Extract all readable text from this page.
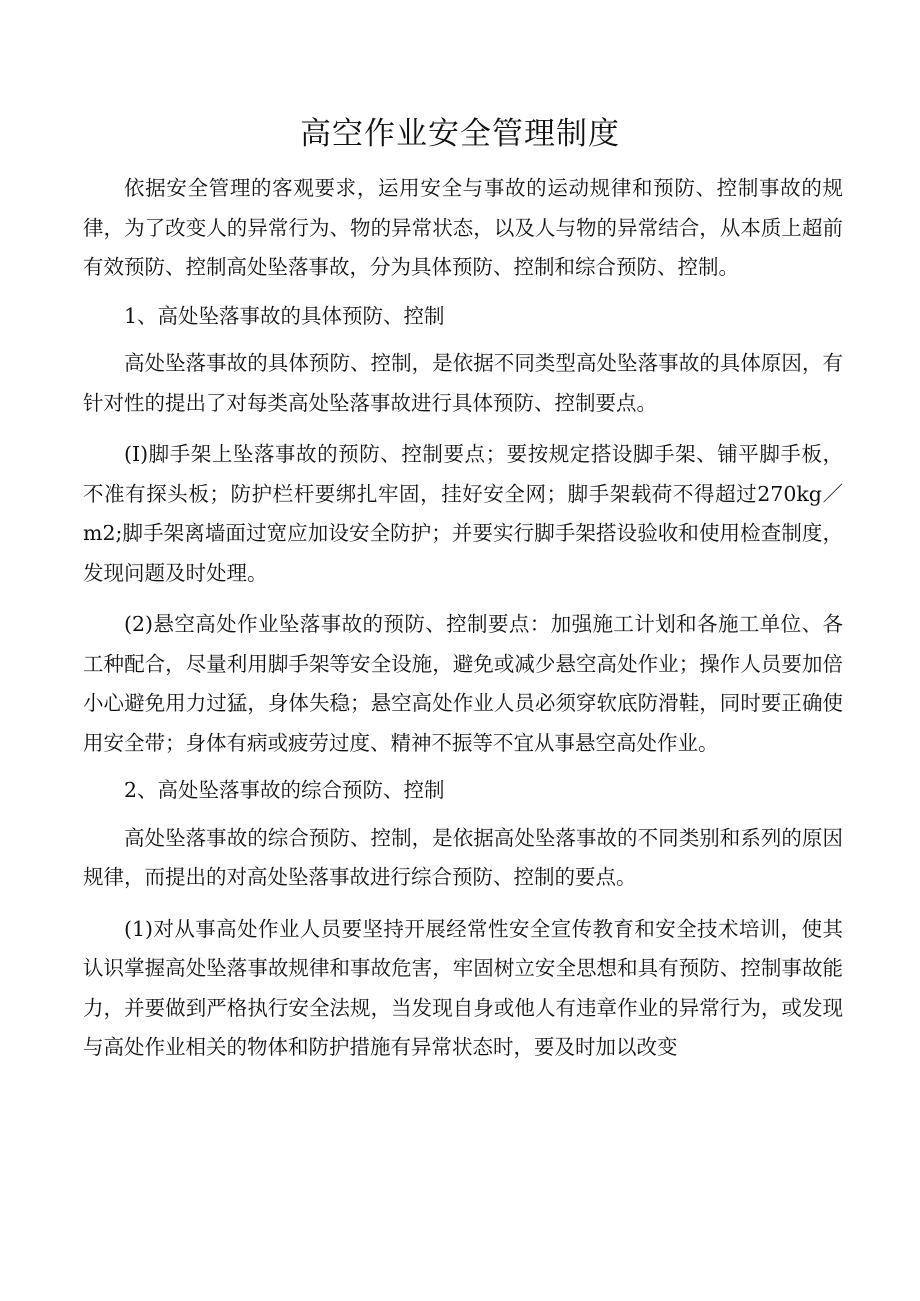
高空作业安全管理制度

依据安全管理的客观要求，运用安全与事故的运动规律和预防、控制事故的规律，为了改变人的异常行为、物的异常状态，以及人与物的异常结合，从本质上超前有效预防、控制高处坠落事故，分为具体预防、控制和综合预防、控制。

1、高处坠落事故的具体预防、控制

高处坠落事故的具体预防、控制，是依据不同类型高处坠落事故的具体原因，有针对性的提出了对每类高处坠落事故进行具体预防、控制要点。

(I)脚手架上坠落事故的预防、控制要点；要按规定搭设脚手架、铺平脚手板，不准有探头板；防护栏杆要绑扎牢固，挂好安全网；脚手架载荷不得超过270kg／m2;脚手架离墙面过宽应加设安全防护；并要实行脚手架搭设验收和使用检查制度，发现问题及时处理。

(2)悬空高处作业坠落事故的预防、控制要点：加强施工计划和各施工单位、各工种配合，尽量利用脚手架等安全设施，避免或减少悬空高处作业；操作人员要加倍小心避免用力过猛，身体失稳；悬空高处作业人员必须穿软底防滑鞋，同时要正确使用安全带；身体有病或疲劳过度、精神不振等不宜从事悬空高处作业。

2、高处坠落事故的综合预防、控制

高处坠落事故的综合预防、控制，是依据高处坠落事故的不同类别和系列的原因规律，而提出的对高处坠落事故进行综合预防、控制的要点。

(1)对从事高处作业人员要坚持开展经常性安全宣传教育和安全技术培训，使其认识掌握高处坠落事故规律和事故危害，牢固树立安全思想和具有预防、控制事故能力，并要做到严格执行安全法规，当发现自身或他人有违章作业的异常行为，或发现与高处作业相关的物体和防护措施有异常状态时，要及时加以改变
